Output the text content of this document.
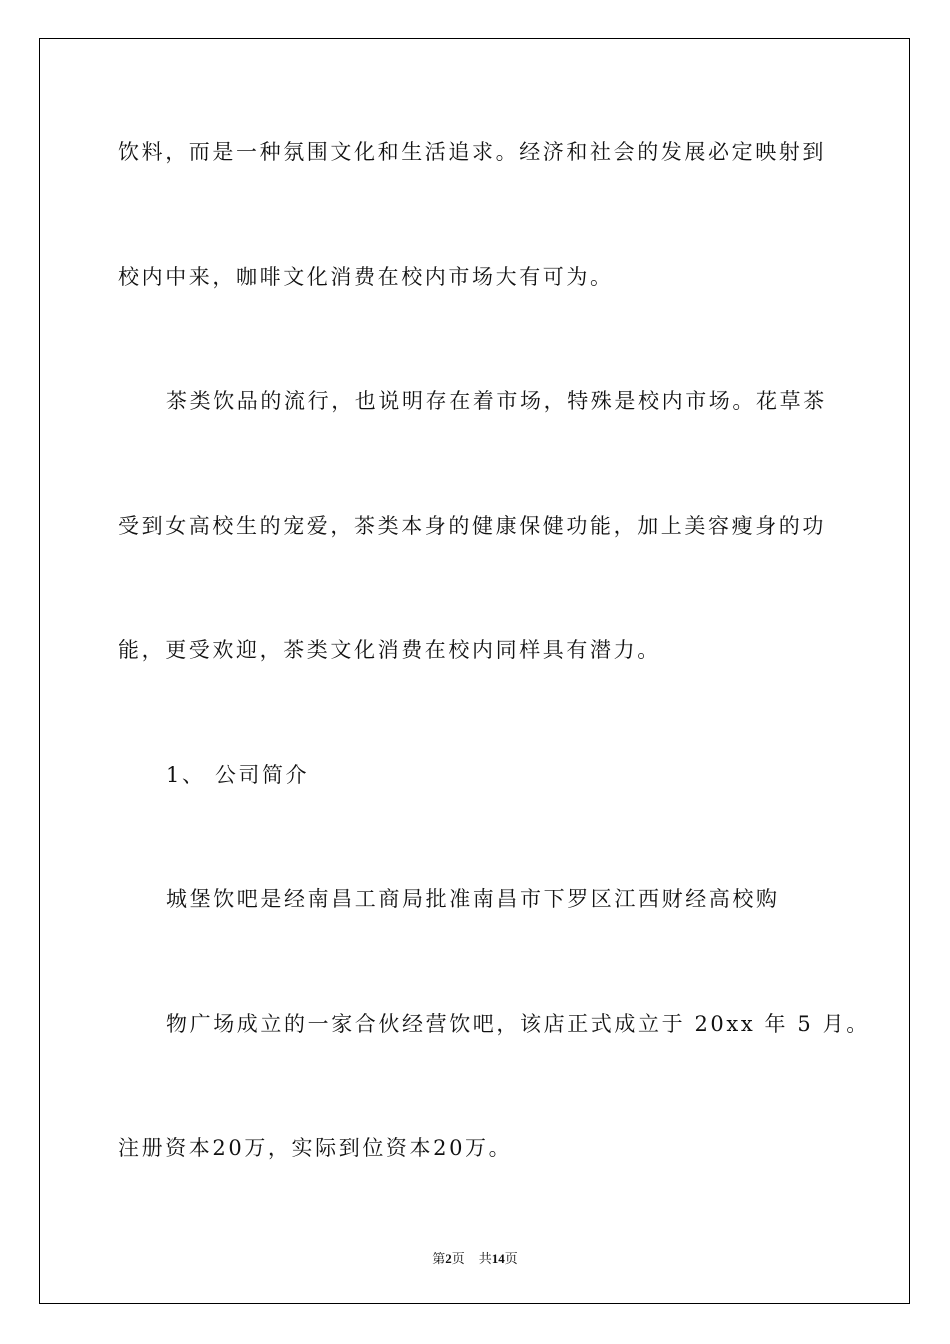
饮料，而是一种氛围文化和生活追求。经济和社会的发展必定映射到

校内中来，咖啡文化消费在校内市场大有可为。

茶类饮品的流行，也说明存在着市场，特殊是校内市场。花草茶

受到女高校生的宠爱，茶类本身的健康保健功能，加上美容瘦身的功

能，更受欢迎，茶类文化消费在校内同样具有潜力。

1、 公司简介

城堡饮吧是经南昌工商局批准南昌市下罗区江西财经高校购

物广场成立的一家合伙经营饮吧，该店正式成立于 20xx 年 5 月。

注册资本20万，实际到位资本20万。

第2页 共14页
